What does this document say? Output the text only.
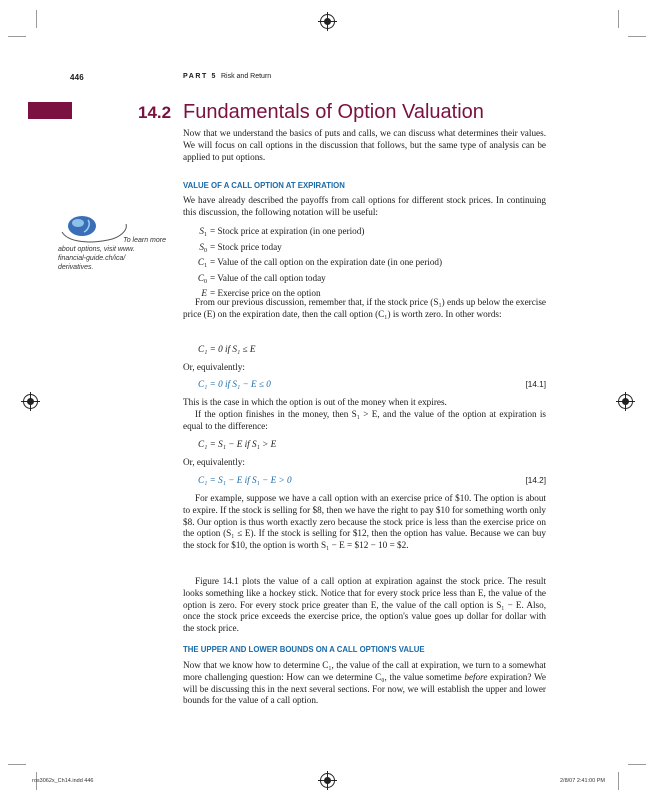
446	PART 5 Risk and Return
14.2 Fundamentals of Option Valuation

Now that we understand the basics of puts and calls, we can discuss what determines their values. We will focus on call options in the discussion that follows, but the same type of analysis can be applied to put options.

VALUE OF A CALL OPTION AT EXPIRATION

We have already described the payoffs from call options for different stock prices. In continuing this discussion, the following notation will be useful:

To learn more
about options, visit www.
financial-guide.ch/ica/
derivatives.
$S_1$ = Stock price at expiration (in one period)
$S_0$ = Stock price today
$C_1$ = Value of the call option on the expiration date (in one period)
$C_0$ = Value of the call option today
E = Exercise price on the option

From our previous discussion, remember that, if the stock price (S₁) ends up below the exercise price (E) on the expiration date, then the call option (C₁) is worth zero. In other words:

C₁ = 0 if S₁ ≤ E
Or, equivalently:
C₁ = 0 if S₁ − E ≤ 0	[14.1]

This is the case in which the option is out of the money when it expires.

If the option finishes in the money, then S₁ > E, and the value of the option at expiration is equal to the difference:

C₁ = S₁ − E if S₁ > E
Or, equivalently:
C₁ = S₁ − E if S₁ − E > 0	[14.2]

For example, suppose we have a call option with an exercise price of $10. The option is about to expire. If the stock is selling for $8, then we have the right to pay $10 for something worth only $8. Our option is thus worth exactly zero because the stock price is less than the exercise price on the option (S₁ ≤ E). If the stock is selling for $12, then the option has value. Because we can buy the stock for $10, the option is worth S₁ − E = $12 − 10 = $2.

Figure 14.1 plots the value of a call option at expiration against the stock price. The result looks something like a hockey stick. Notice that for every stock price less than E, the value of the option is zero. For every stock price greater than E, the value of the call option is S₁ − E. Also, once the stock price exceeds the exercise price, the option's value goes up dollar for dollar with the stock price.

THE UPPER AND LOWER BOUNDS ON A CALL OPTION'S VALUE

Now that we know how to determine C₁, the value of the call at expiration, we turn to a somewhat more challenging question: How can we determine C₀, the value sometime before expiration? We will be discussing this in the next several sections. For now, we will establish the upper and lower bounds for the value of a call option.

ros3062x_Ch14.indd 446	2/8/07 2:41:00 PM
